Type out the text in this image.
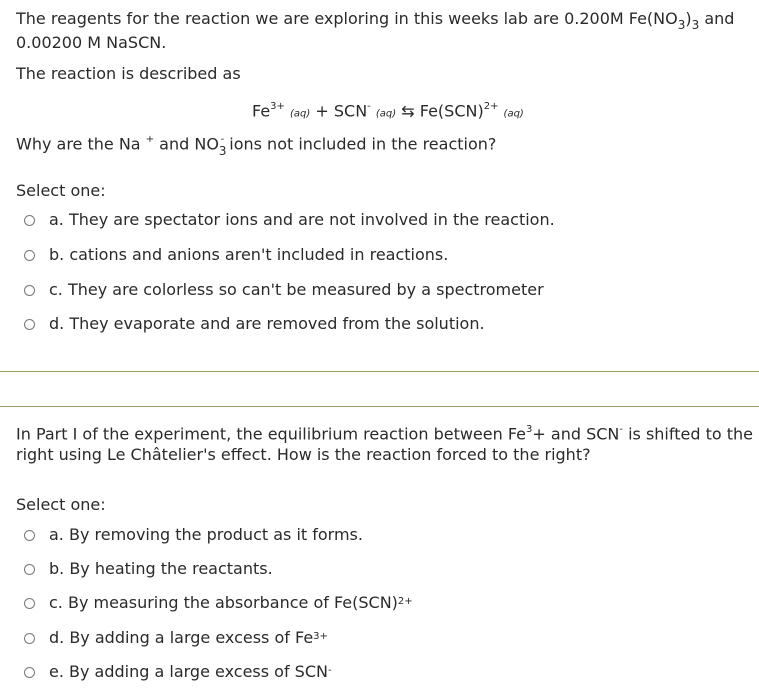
The reagents for the reaction we are exploring in this weeks lab are 0.200M $Fe(NO_3)_3$ and
0.00200 M NaSCN.
The reaction is described as
$Fe^{3+}$ (aq) + SCN- (aq) ⇆ Fe(SCN)$^{2+}$ (aq)
Why are the Na + and $NO_3^-$ ions not included in the reaction?
Select one:
a. They are spectator ions and are not involved in the reaction.
b. cations and anions aren't included in reactions.
c. They are colorless so can't be measured by a spectrometer
d. They evaporate and are removed from the solution.
In Part I of the experiment, the equilibrium reaction between $Fe^3+$ and SCN- is shifted to the
right using Le Châtelier's effect. How is the reaction forced to the right?
Select one:
a. By removing the product as it forms.
b. By heating the reactants.
c. By measuring the absorbance of Fe(SCN)$^{2+}$
d. By adding a large excess of $Fe^{3+}$
e. By adding a large excess of SCN-
